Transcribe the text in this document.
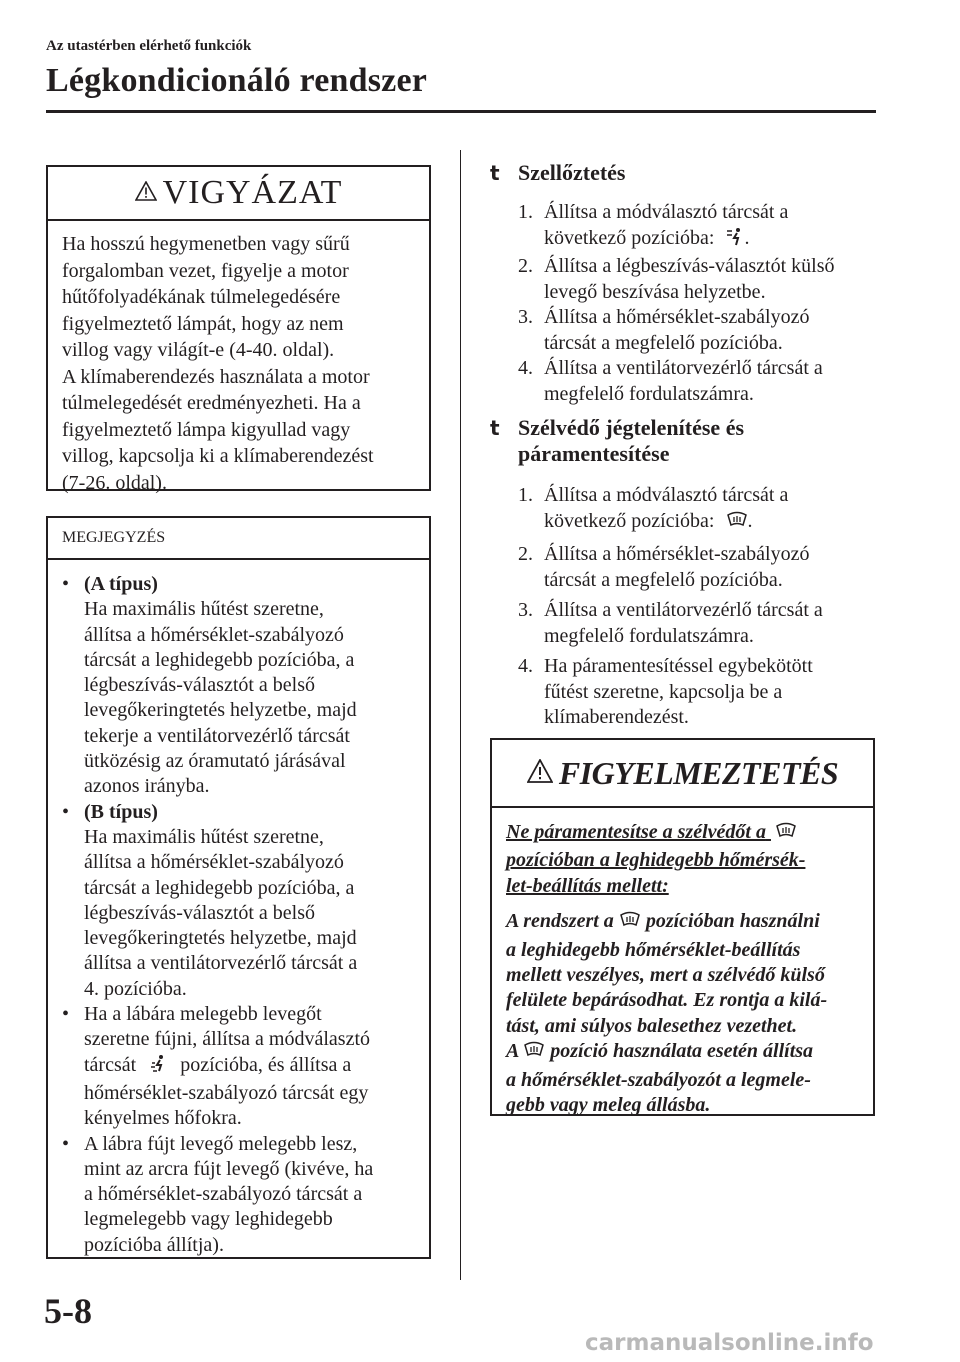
Az utastérben elérhető funkciók
Légkondicionáló rendszer
VIGYÁZAT
Ha hosszú hegymenetben vagy sűrű
forgalomban vezet, figyelje a motor
hűtőfolyadékának túlmelegedésére
figyelmeztető lámpát, hogy az nem
villog vagy világít-e (4-40. oldal).
A klímaberendezés használata a motor
túlmelegedését eredményezheti. Ha a
figyelmeztető lámpa kigyullad vagy
villog, kapcsolja ki a klímaberendezést
(7-26. oldal).
MEGJEGYZÉS
• (A típus)
Ha maximális hűtést szeretne,
állítsa a hőmérséklet-szabályozó
tárcsát a leghidegebb pozícióba, a
légbeszívás-választót a belső
levegőkeringtetés helyzetbe, majd
tekerje a ventilátorvezérlő tárcsát
ütközésig az óramutató járásával
azonos irányba.
• (B típus)
Ha maximális hűtést szeretne,
állítsa a hőmérséklet-szabályozó
tárcsát a leghidegebb pozícióba, a
légbeszívás-választót a belső
levegőkeringtetés helyzetbe, majd
állítsa a ventilátorvezérlő tárcsát a
4. pozícióba.
• Ha a lábára melegebb levegőt
szeretne fújni, állítsa a módválasztó
tárcsát pozícióba, és állítsa a
hőmérséklet-szabályozó tárcsát egy
kényelmes hőfokra.
• A lábra fújt levegő melegebb lesz,
mint az arcra fújt levegő (kivéve, ha
a hőmérséklet-szabályozó tárcsát a
legmelegebb vagy leghidegebb
pozícióba állítja).
t Szellőztetés
1. Állítsa a módválasztó tárcsát a
következő pozícióba: .
2. Állítsa a légbeszívás-választót külső
levegő beszívása helyzetbe.
3. Állítsa a hőmérséklet-szabályozó
tárcsát a megfelelő pozícióba.
4. Állítsa a ventilátorvezérlő tárcsát a
megfelelő fordulatszámra.
t Szélvédő jégtelenítése és
páramentesítése
1. Állítsa a módválasztó tárcsát a
következő pozícióba: .
2. Állítsa a hőmérséklet-szabályozó
tárcsát a megfelelő pozícióba.
3. Állítsa a ventilátorvezérlő tárcsát a
megfelelő fordulatszámra.
4. Ha páramentesítéssel egybekötött
fűtést szeretne, kapcsolja be a
klímaberendezést.
FIGYELMEZTETÉS

Ne páramentesítse a szélvédőt a
pozícióban a leghidegebb hőmérsék-
let-beállítás mellett:

A rendszert a pozícióban használni
a leghidegebb hőmérséklet-beállítás
mellett veszélyes, mert a szélvédő külső
felülete bepárásodhat. Ez rontja a kilá-
tást, ami súlyos balesethez vezethet.
A pozíció használata esetén állítsa
a hőmérséklet-szabályozót a legmele-
gebb vagy meleg állásba.

5-8
carmanualsonline.info
